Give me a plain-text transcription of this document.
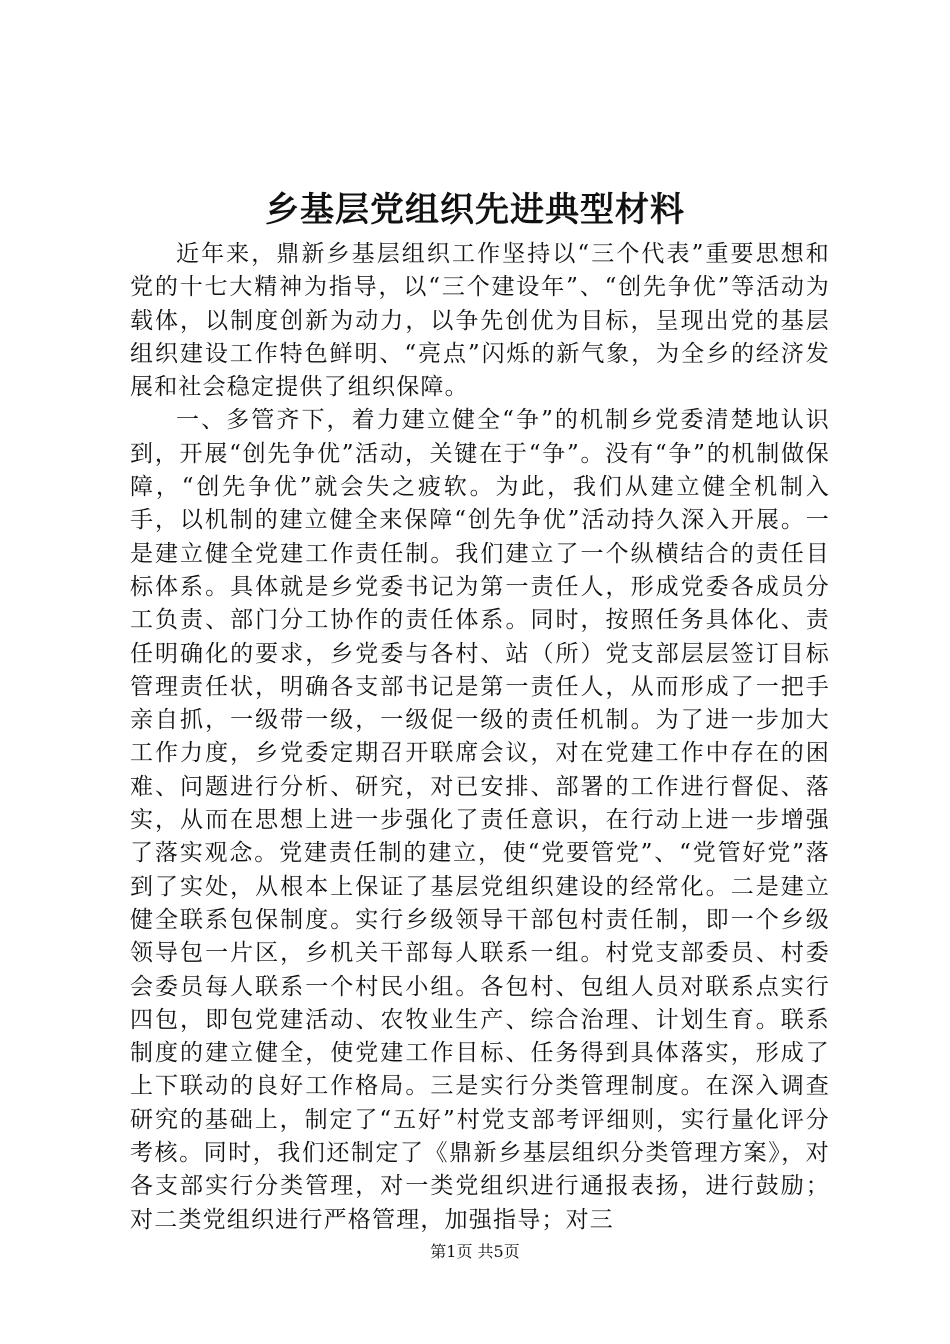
乡基层党组织先进典型材料

近年来，鼎新乡基层组织工作坚持以“三个代表”重要思想和党的十七大精神为指导，以“三个建设年”、“创先争优”等活动为载体，以制度创新为动力，以争先创优为目标，呈现出党的基层组织建设工作特色鲜明、“亮点”闪烁的新气象，为全乡的经济发展和社会稳定提供了组织保障。

一、多管齐下，着力建立健全“争”的机制乡党委清楚地认识到，开展“创先争优”活动，关键在于“争”。没有“争”的机制做保障，“创先争优”就会失之疲软。为此，我们从建立健全机制入手，以机制的建立健全来保障“创先争优”活动持久深入开展。一是建立健全党建工作责任制。我们建立了一个纵横结合的责任目标体系。具体就是乡党委书记为第一责任人，形成党委各成员分工负责、部门分工协作的责任体系。同时，按照任务具体化、责任明确化的要求，乡党委与各村、站（所）党支部层层签订目标管理责任状，明确各支部书记是第一责任人，从而形成了一把手亲自抓，一级带一级，一级促一级的责任机制。为了进一步加大工作力度，乡党委定期召开联席会议，对在党建工作中存在的困难、问题进行分析、研究，对已安排、部署的工作进行督促、落实，从而在思想上进一步强化了责任意识，在行动上进一步增强了落实观念。党建责任制的建立，使“党要管党”、“党管好党”落到了实处，从根本上保证了基层党组织建设的经常化。二是建立健全联系包保制度。实行乡级领导干部包村责任制，即一个乡级领导包一片区，乡机关干部每人联系一组。村党支部委员、村委会委员每人联系一个村民小组。各包村、包组人员对联系点实行四包，即包党建活动、农牧业生产、综合治理、计划生育。联系制度的建立健全，使党建工作目标、任务得到具体落实，形成了上下联动的良好工作格局。三是实行分类管理制度。在深入调查研究的基础上，制定了“五好”村党支部考评细则，实行量化评分考核。同时，我们还制定了《鼎新乡基层组织分类管理方案》，对各支部实行分类管理，对一类党组织进行通报表扬，进行鼓励；对二类党组织进行严格管理，加强指导；对三

第1页 共5页
